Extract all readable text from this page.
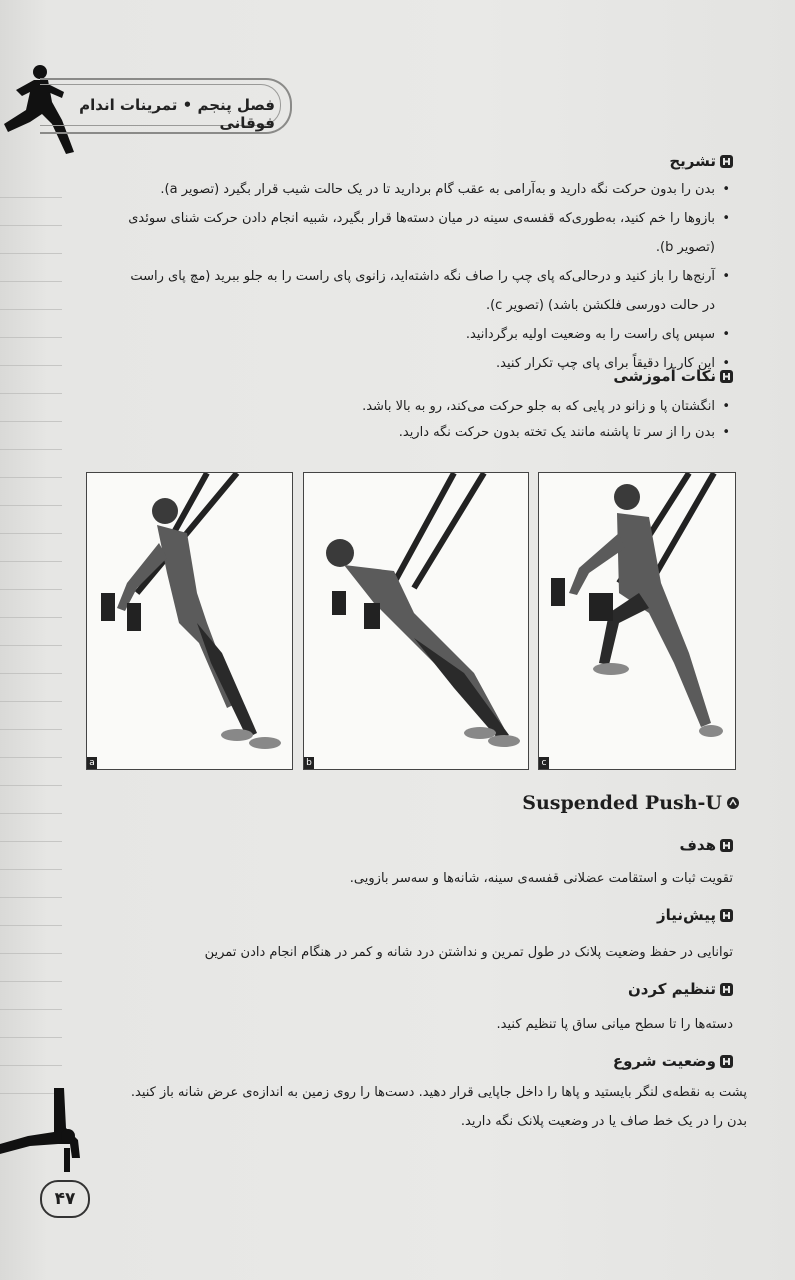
فصل پنجم • تمرینات اندام فوقانی
تشریح
• بدن را بدون حرکت نگه دارید و به‌آرامی به عقب گام بردارید تا در یک حالت شیب قرار بگیرد (تصویر a).
• بازوها را خم کنید، به‌طوری‌که قفسه‌ی سینه در میان دسته‌ها قرار بگیرد، شبیه انجام دادن حرکت شنای سوئدی (تصویر b).
• آرنج‌ها را باز کنید و درحالی‌که پای چپ را صاف نگه داشته‌اید، زانوی پای راست را به جلو ببرید (مچ پای راست
در حالت دورسی فلکشن باشد) (تصویر c).
• سپس پای راست را به وضعیت اولیه برگردانید.
• این کار را دقیقاً برای پای چپ تکرار کنید.
نکات آموزشی
• انگشتان پا و زانو در پایی که به جلو حرکت می‌کند، رو به بالا باشد.
• بدن را از سر تا پاشنه مانند یک تخته بدون حرکت نگه دارید.
a	b	c
Suspended Push-U
هدف
تقویت ثبات و استقامت عضلانی قفسه‌ی سینه، شانه‌ها و سه‌سر بازویی.
پیش‌نیاز
توانایی در حفظ وضعیت پلانک در طول تمرین و نداشتن درد شانه و کمر در هنگام انجام دادن تمرین
تنظیم کردن
دسته‌ها را تا سطح میانی ساق پا تنظیم کنید.
وضعیت شروع
پشت به نقطه‌ی لنگر بایستید و پاها را داخل جاپایی قرار دهید. دست‌ها را روی زمین به اندازه‌ی عرض شانه باز کنید.
بدن را در یک خط صاف یا در وضعیت پلانک نگه دارید.
۴۷
